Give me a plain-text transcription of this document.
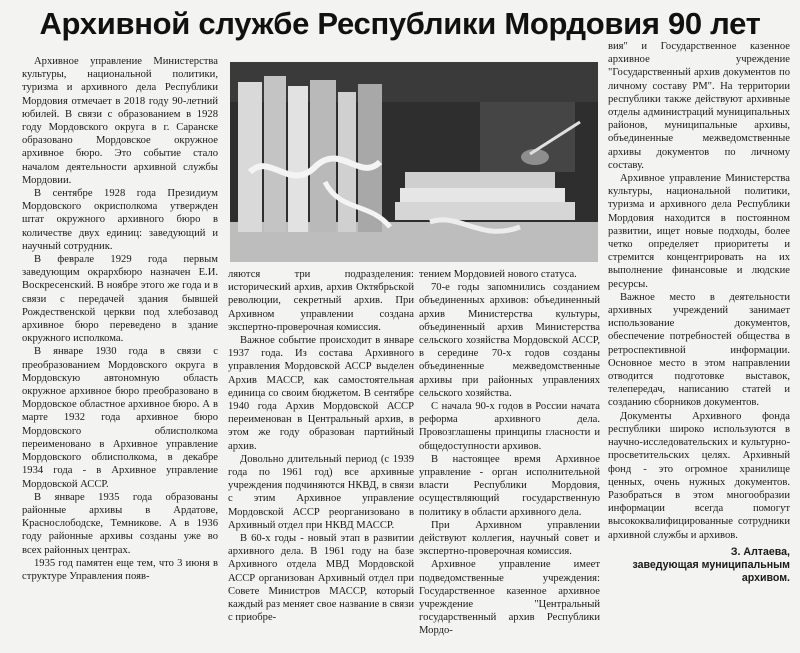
Архивной службе Республики Мордовия 90 лет

Архивное управление Министерства культуры, национальной политики, туризма и архивного дела Республики Мордовия отмечает в 2018 году 90-летний юбилей. В связи с образованием в 1928 году Мордовского округа в г. Саранске образовано Мордовское окружное архивное бюро. Это событие стало началом деятельности архивной службы Мордовии.

В сентябре 1928 года Президиум Мордовского окрисполкома утвержден штат окружного архивного бюро в количестве двух единиц: заведующий и научный сотрудник.

В феврале 1929 года первым заведующим окрархбюро назначен Е.И. Воскресенский. В ноябре этого же года и в связи с передачей здания бывшей Рождественской церкви под хлебозавод архивное бюро переведено в здание окружного исполкома.

В январе 1930 года в связи с преобразованием Мордовского округа в Мордовскую автономную область окружное архивное бюро преобразовано в Мордовское областное архивное бюро. А в марте 1932 года архивное бюро Мордовского облисполкома переименовано в Архивное управление Мордовского облисполкома, в декабре 1934 года - в Архивное управление Мордовской АССР.

В январе 1935 года образованы районные архивы в Ардатове, Краснослободске, Темникове. А в 1936 году районные архивы созданы уже во всех районных центрах.

1935 год памятен еще тем, что 3 июня в структуре Управления появ-

ляются три подразделения: исторический архив, архив Октябрьской революции, секретный архив. При Архивном управлении создана экспертно-проверочная комиссия.

Важное событие происходит в январе 1937 года. Из состава Архивного управления Мордовской АССР выделен Архив МАССР, как самостоятельная единица со своим бюджетом. В сентябре 1940 года Архив Мордовской АССР переименован в Центральный архив, в этом же году образован партийный архив.

Довольно длительный период (с 1939 года по 1961 год) все архивные учреждения подчиняются НКВД, в связи с этим Архивное управление Мордовской АССР реорганизовано в Архивный отдел при НКВД МАССР.

В 60-х годы - новый этап в развитии архивного дела. В 1961 году на базе Архивного отдела МВД Мордовской АССР организован Архивный отдел при Совете Министров МАССР, который каждый раз меняет свое название в связи с приобре-

тением Мордовией нового статуса.

70-е годы запомнились созданием объединенных архивов: объединенный архив Министерства культуры, объединенный архив Министерства сельского хозяйства Мордовской АССР, в середине 70-х годов созданы объединенные межведомственные архивы при районных управлениях сельского хозяйства.

С начала 90-х годов в России начата реформа архивного дела. Провозглашены принципы гласности и общедоступности архивов.

В настоящее время Архивное управление - орган исполнительной власти Республики Мордовия, осуществляющий государственную политику в области архивного дела.

При Архивном управлении действуют коллегия, научный совет и экспертно-проверочная комиссия.

Архивное управление имеет подведомственные учреждения: Государственное казенное архивное учреждение "Центральный государственный архив Республики Мордо-

вия" и Государственное казенное архивное учреждение "Государственный архив документов по личному составу РМ". На территории республики также действуют архивные отделы администраций муниципальных районов, муниципальные архивы, объединенные межведомственные архивы документов по личному составу.

Архивное управление Министерства культуры, национальной политики, туризма и архивного дела Республики Мордовия находится в постоянном развитии, ищет новые подходы, более четко определяет приоритеты и стремится концентрировать на их выполнение финансовые и людские ресурсы.

Важное место в деятельности архивных учреждений занимает использование документов, обеспечение потребностей общества в ретроспективной информации. Основное место в этом направлении отводится подготовке выставок, телепередач, написанию статей и созданию сборников документов.

Документы Архивного фонда республики широко используются в научно-исследовательских и культурно-просветительских целях. Архивный фонд - это огромное хранилище ценных, очень нужных документов. Разобраться в этом многообразии информации всегда помогут высококвалифицированные сотрудники архивной службы и архивов.

З. Алтаева,
заведующая муниципальным архивом.
